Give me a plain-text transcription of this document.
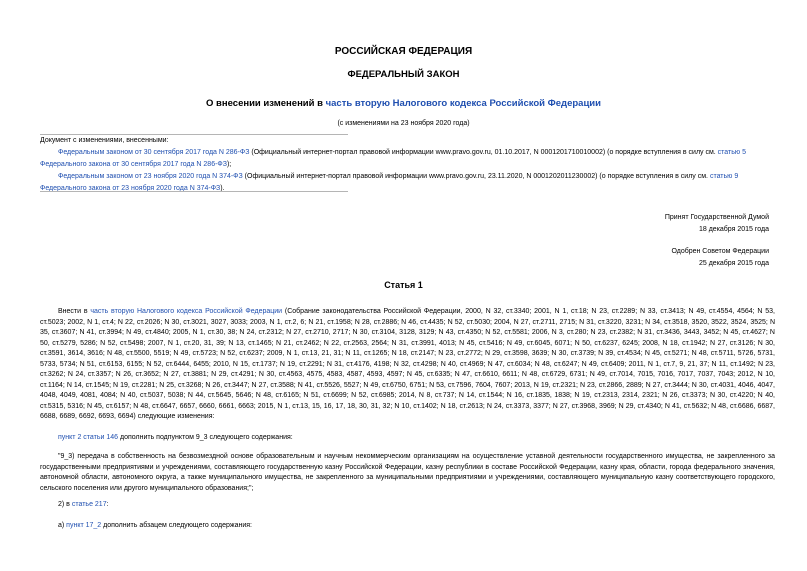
РОССИЙСКАЯ ФЕДЕРАЦИЯ
ФЕДЕРАЛЬНЫЙ ЗАКОН
О внесении изменений в часть вторую Налогового кодекса Российской Федерации
(с изменениями на 23 ноября 2020 года)
Документ с изменениями, внесенными:
Федеральным законом от 30 сентября 2017 года N 286-ФЗ (Официальный интернет-портал правовой информации www.pravo.gov.ru, 01.10.2017, N 0001201710010002) (о порядке вступления в силу см. статью 5 Федерального закона от 30 сентября 2017 года N 286-ФЗ);
Федеральным законом от 23 ноября 2020 года N 374-ФЗ (Официальный интернет-портал правовой информации www.pravo.gov.ru, 23.11.2020, N 0001202011230002) (о порядке вступления в силу см. статью 9 Федерального закона от 23 ноября 2020 года N 374-ФЗ).
Принят Государственной Думой
18 декабря 2015 года
Одобрен Советом Федерации
25 декабря 2015 года
Статья 1
Внести в часть вторую Налогового кодекса Российской Федерации (Собрание законодательства Российской Федерации, 2000, N 32, ст.3340; 2001, N 1, ст.18; N 23, ст.2289; N 33, ст.3413; N 49, ст.4554, 4564; N 53, ст.5023; 2002, N 1, ст.4; N 22, ст.2026; N 30, ст.3021, 3027, 3033; 2003, N 1, ст.2, 6; N 21, ст.1958; N 28, ст.2886; N 46, ст.4435; N 52, ст.5030; 2004, N 27, ст.2711, 2715; N 31, ст.3220, 3231; N 34, ст.3518, 3520, 3522, 3524, 3525; N 35, ст.3607; N 41, ст.3994; N 49, ст.4840; 2005, N 1, ст.30, 38; N 24, ст.2312; N 27, ст.2710, 2717; N 30, ст.3104, 3128, 3129; N 43, ст.4350; N 52, ст.5581; 2006, N 3, ст.280; N 23, ст.2382; N 31, ст.3436, 3443, 3452; N 45, ст.4627; N 50, ст.5279, 5286; N 52, ст.5498; 2007, N 1, ст.20, 31, 39; N 13, ст.1465; N 21, ст.2462; N 22, ст.2563, 2564; N 31, ст.3991, 4013; N 45, ст.5416; N 49, ст.6045, 6071; N 50, ст.6237, 6245; 2008, N 18, ст.1942; N 27, ст.3126; N 30, ст.3591, 3614, 3616; N 48, ст.5500, 5519; N 49, ст.5723; N 52, ст.6237; 2009, N 1, ст.13, 21, 31; N 11, ст.1265; N 18, ст.2147; N 23, ст.2772; N 29, ст.3598, 3639; N 30, ст.3739; N 39, ст.4534; N 45, ст.5271; N 48, ст.5711, 5726, 5731, 5733, 5734; N 51, ст.6153, 6155; N 52, ст.6444, 6455; 2010, N 15, ст.1737; N 19, ст.2291; N 31, ст.4176, 4198; N 32, ст.4298; N 40, ст.4969; N 47, ст.6034; N 48, ст.6247; N 49, ст.6409; 2011, N 1, ст.7, 9, 21, 37; N 11, ст.1492; N 23, ст.3262; N 24, ст.3357; N 26, ст.3652; N 27, ст.3881; N 29, ст.4291; N 30, ст.4563, 4575, 4583, 4587, 4593, 4597; N 45, ст.6335; N 47, ст.6610, 6611; N 48, ст.6729, 6731; N 49, ст.7014, 7015, 7016, 7017, 7037, 7043; 2012, N 10, ст.1164; N 14, ст.1545; N 19, ст.2281; N 25, ст.3268; N 26, ст.3447; N 27, ст.3588; N 41, ст.5526, 5527; N 49, ст.6750, 6751; N 53, ст.7596, 7604, 7607; 2013, N 19, ст.2321; N 23, ст.2866, 2889; N 27, ст.3444; N 30, ст.4031, 4046, 4047, 4048, 4049, 4081, 4084; N 40, ст.5037, 5038; N 44, ст.5645, 5646; N 48, ст.6165; N 51, ст.6699; N 52, ст.6985; 2014, N 8, ст.737; N 14, ст.1544; N 16, ст.1835, 1838; N 19, ст.2313, 2314, 2321; N 26, ст.3373; N 30, ст.4220; N 40, ст.5315, 5316; N 45, ст.6157; N 48, ст.6647, 6657, 6660, 6661, 6663; 2015, N 1, ст.13, 15, 16, 17, 18, 30, 31, 32; N 10, ст.1402; N 18, ст.2613; N 24, ст.3373, 3377; N 27, ст.3968, 3969; N 29, ст.4340; N 41, ст.5632; N 48, ст.6686, 6687, 6688, 6689, 6692, 6693, 6694) следующие изменения:
пункт 2 статьи 146 дополнить подпунктом 9_3 следующего содержания:
"9_3) передача в собственность на безвозмездной основе образовательным и научным некоммерческим организациям на осуществление уставной деятельности государственного имущества, не закрепленного за государственными предприятиями и учреждениями, составляющего государственную казну Российской Федерации, казну республики в составе Российской Федерации, казну края, области, города федерального значения, автономной области, автономного округа, а также муниципального имущества, не закрепленного за муниципальными предприятиями и учреждениями, составляющего муниципальную казну соответствующего городского, сельского поселения или другого муниципального образования;";
2) в статье 217:
а) пункт 17_2 дополнить абзацем следующего содержания:
